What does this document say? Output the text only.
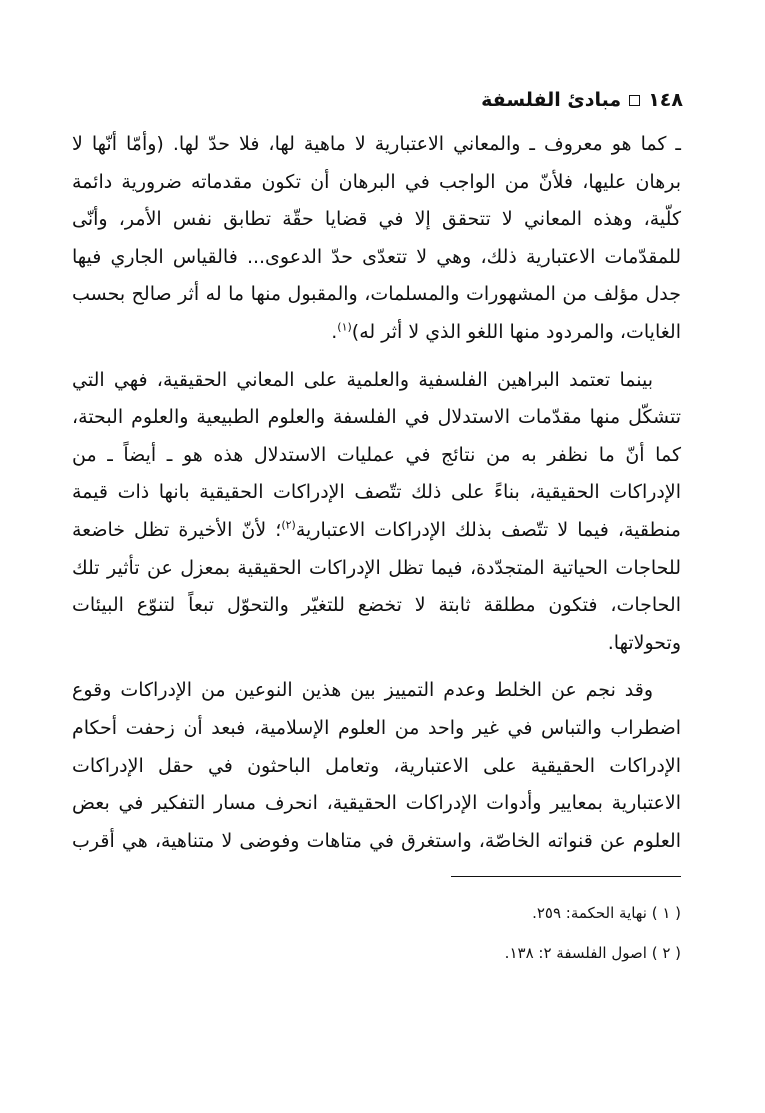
١٤٨
مبادئ الفلسفة

ـ كما هو معروف ـ والمعاني الاعتبارية لا ماهية لها، فلا حدّ لها. (وأمّا أنّها لا برهان عليها، فلأنّ من الواجب في البرهان أن تكون مقدماته ضرورية دائمة كلّية، وهذه المعاني لا تتحقق إلا في قضايا حقّة تطابق نفس الأمر، وأنّى للمقدّمات الاعتبارية ذلك، وهي لا تتعدّى حدّ الدعوى... فالقياس الجاري فيها جدل مؤلف من المشهورات والمسلمات، والمقبول منها ما له أثر صالح بحسب الغايات، والمردود منها اللغو الذي لا أثر له)$^{(١)}$.

بينما تعتمد البراهين الفلسفية والعلمية على المعاني الحقيقية، فهي التي تتشكّل منها مقدّمات الاستدلال في الفلسفة والعلوم الطبيعية والعلوم البحتة، كما أنّ ما نظفر به من نتائج في عمليات الاستدلال هذه هو ـ أيضاً ـ من الإدراكات الحقيقية، بناءً على ذلك تتّصف الإدراكات الحقيقية بانها ذات قيمة منطقية، فيما لا تتّصف بذلك الإدراكات الاعتبارية$^{(٢)}$؛ لأنّ الأخيرة تظل خاضعة للحاجات الحياتية المتجدّدة، فيما تظل الإدراكات الحقيقية بمعزل عن تأثير تلك الحاجات، فتكون مطلقة ثابتة لا تخضع للتغيّر والتحوّل تبعاً لتنوّع البيئات وتحولاتها.

وقد نجم عن الخلط وعدم التمييز بين هذين النوعين من الإدراكات وقوع اضطراب والتباس في غير واحد من العلوم الإسلامية، فبعد أن زحفت أحكام الإدراكات الحقيقية على الاعتبارية، وتعامل الباحثون في حقل الإدراكات الاعتبارية بمعايير وأدوات الإدراكات الحقيقية، انحرف مسار التفكير في بعض العلوم عن قنواته الخاصّة، واستغرق في متاهات وفوضى لا متناهية، هي أقرب

( ١ ) نهاية الحكمة: ٢٥٩.
( ٢ ) اصول الفلسفة ٢: ١٣٨.
